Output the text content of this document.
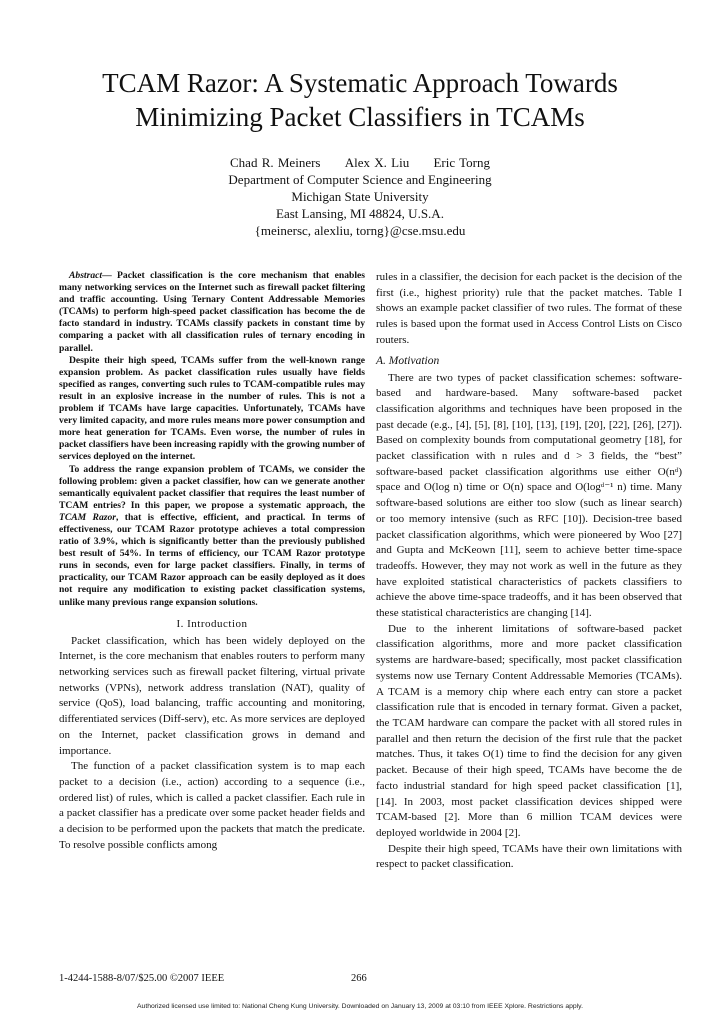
TCAM Razor: A Systematic Approach Towards
Minimizing Packet Classifiers in TCAMs
Chad R. Meiners Alex X. Liu Eric Torng
Department of Computer Science and Engineering
Michigan State University
East Lansing, MI 48824, U.S.A.
{meinersc, alexliu, torng}@cse.msu.edu

Abstract— Packet classification is the core mechanism that enables many networking services on the Internet such as firewall packet filtering and traffic accounting. Using Ternary Content Addressable Memories (TCAMs) to perform high-speed packet classification has become the de facto standard in industry. TCAMs classify packets in constant time by comparing a packet with all classification rules of ternary encoding in parallel.

Despite their high speed, TCAMs suffer from the well-known range expansion problem. As packet classification rules usually have fields specified as ranges, converting such rules to TCAM-compatible rules may result in an explosive increase in the number of rules. This is not a problem if TCAMs have large capacities. Unfortunately, TCAMs have very limited capacity, and more rules means more power consumption and more heat generation for TCAMs. Even worse, the number of rules in packet classifiers have been increasing rapidly with the growing number of services deployed on the internet.

To address the range expansion problem of TCAMs, we consider the following problem: given a packet classifier, how can we generate another semantically equivalent packet classifier that requires the least number of TCAM entries? In this paper, we propose a systematic approach, the TCAM Razor, that is effective, efficient, and practical. In terms of effectiveness, our TCAM Razor prototype achieves a total compression ratio of 3.9%, which is significantly better than the previously published best result of 54%. In terms of efficiency, our TCAM Razor prototype runs in seconds, even for large packet classifiers. Finally, in terms of practicality, our TCAM Razor approach can be easily deployed as it does not require any modification to existing packet classification systems, unlike many previous range expansion solutions.

I. Introduction

Packet classification, which has been widely deployed on the Internet, is the core mechanism that enables routers to perform many networking services such as firewall packet filtering, virtual private networks (VPNs), network address translation (NAT), quality of service (QoS), load balancing, traffic accounting and monitoring, differentiated services (Diff-serv), etc. As more services are deployed on the Internet, packet classification grows in demand and importance.

The function of a packet classification system is to map each packet to a decision (i.e., action) according to a sequence (i.e., ordered list) of rules, which is called a packet classifier. Each rule in a packet classifier has a predicate over some packet header fields and a decision to be performed upon the packets that match the predicate. To resolve possible conflicts among

rules in a classifier, the decision for each packet is the decision of the first (i.e., highest priority) rule that the packet matches. Table I shows an example packet classifier of two rules. The format of these rules is based upon the format used in Access Control Lists on Cisco routers.

A. Motivation

There are two types of packet classification schemes: software-based and hardware-based. Many software-based packet classification algorithms and techniques have been proposed in the past decade (e.g., [4], [5], [8], [10], [13], [19], [20], [22], [26], [27]). Based on complexity bounds from computational geometry [18], for packet classification with n rules and d > 3 fields, the “best” software-based packet classification algorithms use either O(nᵈ) space and O(log n) time or O(n) space and O(logᵈ⁻¹ n) time. Many software-based solutions are either too slow (such as linear search) or too memory intensive (such as RFC [10]). Decision-tree based packet classification algorithms, which were pioneered by Woo [27] and Gupta and McKeown [11], seem to achieve better time-space tradeoffs. However, they may not work as well in the future as they have exploited statistical characteristics of packets classifiers to achieve the above time-space tradeoffs, and it has been observed that these statistical characteristics are changing [14].

Due to the inherent limitations of software-based packet classification algorithms, more and more packet classification systems are hardware-based; specifically, most packet classification systems now use Ternary Content Addressable Memories (TCAMs). A TCAM is a memory chip where each entry can store a packet classification rule that is encoded in ternary format. Given a packet, the TCAM hardware can compare the packet with all stored rules in parallel and then return the decision of the first rule that the packet matches. Thus, it takes O(1) time to find the decision for any given packet. Because of their high speed, TCAMs have become the de facto industrial standard for high speed packet classification [1], [14]. In 2003, most packet classification devices shipped were TCAM-based [2]. More than 6 million TCAM devices were deployed worldwide in 2004 [2].

Despite their high speed, TCAMs have their own limitations with respect to packet classification.

1-4244-1588-8/07/$25.00 ©2007 IEEE	266
Authorized licensed use limited to: National Cheng Kung University. Downloaded on January 13, 2009 at 03:10 from IEEE Xplore. Restrictions apply.
